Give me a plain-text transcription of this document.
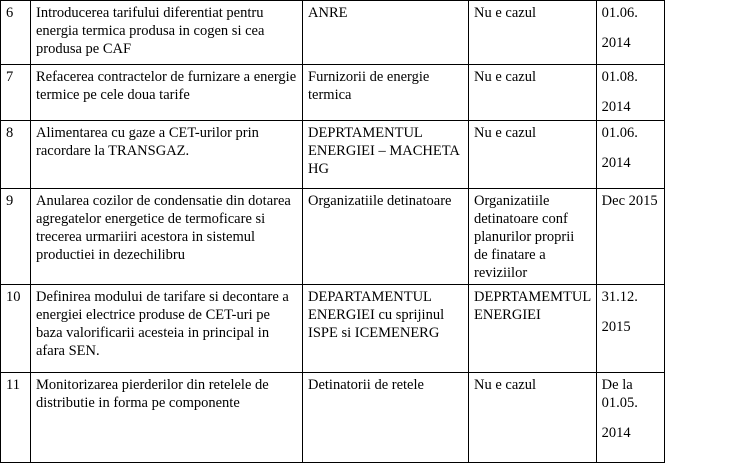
6	Introducerea tarifului diferentiat pentru energia termica produsa in cogen si cea produsa pe CAF	ANRE	Nu e cazul	01.06.
2014

7	Refacerea contractelor de furnizare a energie termice pe cele doua tarife	Furnizorii de energie termica	Nu e cazul	01.08.
2014

8	Alimentarea cu gaze a CET-urilor prin racordare la TRANSGAZ.	DEPRTAMENTUL ENERGIEI – MACHETA HG	Nu e cazul	01.06.
2014

9	Anularea cozilor de condensatie din dotarea agregatelor energetice de termoficare si trecerea urmariiri acestora in sistemul productiei in dezechilibru	Organizatiile detinatoare	Organizatiile detinatoare conf planurilor proprii de finatare a reviziilor	Dec 2015

10	Definirea modului de tarifare si decontare a energiei electrice produse de CET-uri pe baza valorificarii acesteia in principal in afara SEN.	DEPARTAMENTUL ENERGIEI cu sprijinul ISPE si ICEMENERG	DEPRTAMEMTUL ENERGIEI	31.12.
2015

11	Monitorizarea pierderilor din retelele de distributie in forma pe componente	Detinatorii de retele	Nu e cazul	De la 01.05.
2014
